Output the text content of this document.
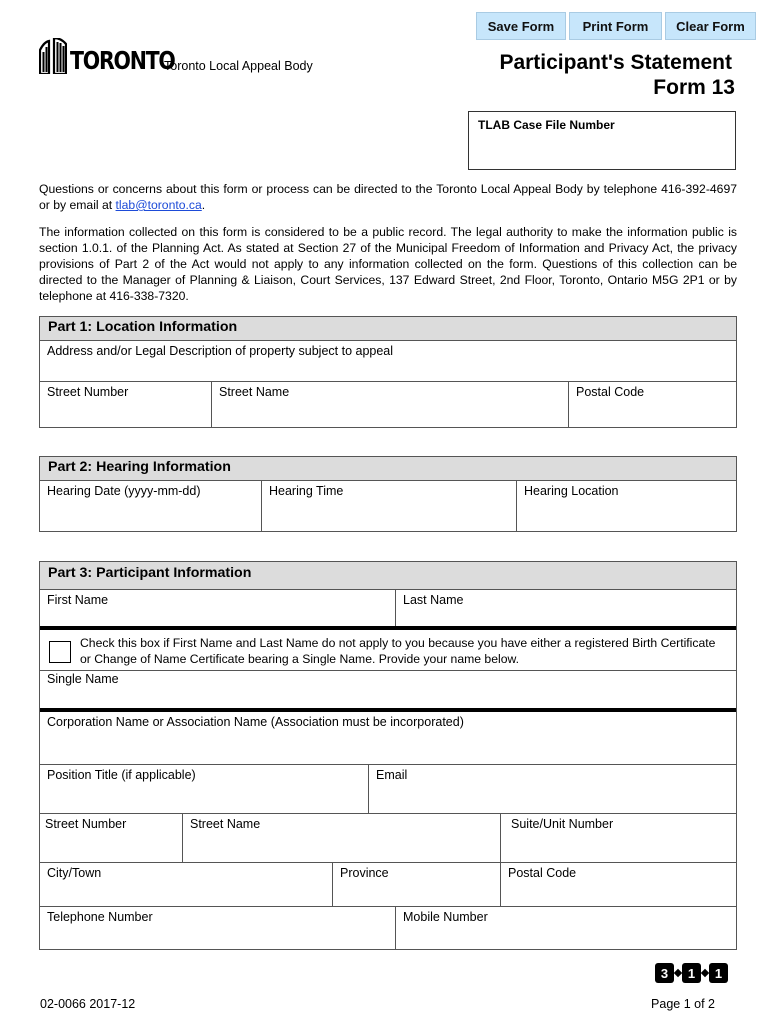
Save Form	Print Form	Clear Form
TORONTO
Toronto Local Appeal Body	Participant's Statement
Form 13
TLAB Case File Number
Questions or concerns about this form or process can be directed to the Toronto Local Appeal Body by telephone 416-392-4697 or by email at tlab@toronto.ca.
The information collected on this form is considered to be a public record. The legal authority to make the information public is section 1.0.1. of the Planning Act. As stated at Section 27 of the Municipal Freedom of Information and Privacy Act, the privacy provisions of Part 2 of the Act would not apply to any information collected on the form. Questions of this collection can be directed to the Manager of Planning & Liaison, Court Services, 137 Edward Street, 2nd Floor, Toronto, Ontario M5G 2P1 or by telephone at 416-338-7320.
Part 1: Location Information
Address and/or Legal Description of property subject to appeal
Street Number	Street Name	Postal Code
Part 2: Hearing Information
Hearing Date (yyyy-mm-dd)	Hearing Time	Hearing Location
Part 3: Participant Information
First Name	Last Name
Check this box if First Name and Last Name do not apply to you because you have either a registered Birth Certificate or Change of Name Certificate bearing a Single Name. Provide your name below.
Single Name
Corporation Name or Association Name (Association must be incorporated)
Position Title (if applicable)	Email
Street Number	Street Name	Suite/Unit Number
City/Town	Province	Postal Code
Telephone Number	Mobile Number
3	1	1
02-0066 2017-12	Page 1 of 2
